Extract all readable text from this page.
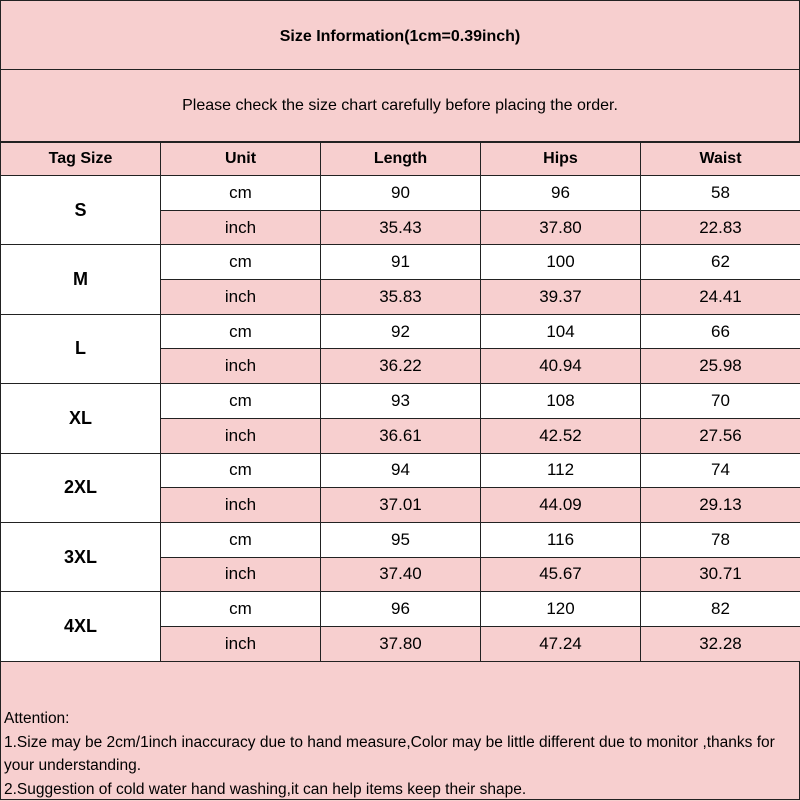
Size Information(1cm=0.39inch)
Please check the size chart carefully before placing the order.
Tag Size	Unit	Length	Hips	Waist
S	cm	90	96	58
	inch	35.43	37.80	22.83
M	cm	91	100	62
	inch	35.83	39.37	24.41
L	cm	92	104	66
	inch	36.22	40.94	25.98
XL	cm	93	108	70
	inch	36.61	42.52	27.56
2XL	cm	94	112	74
	inch	37.01	44.09	29.13
3XL	cm	95	116	78
	inch	37.40	45.67	30.71
4XL	cm	96	120	82
	inch	37.80	47.24	32.28
Attention:
1.Size may be 2cm/1inch inaccuracy due to hand measure,Color may be little different due to monitor ,thanks for your understanding.
2.Suggestion of cold water hand washing,it can help items keep their shape.
